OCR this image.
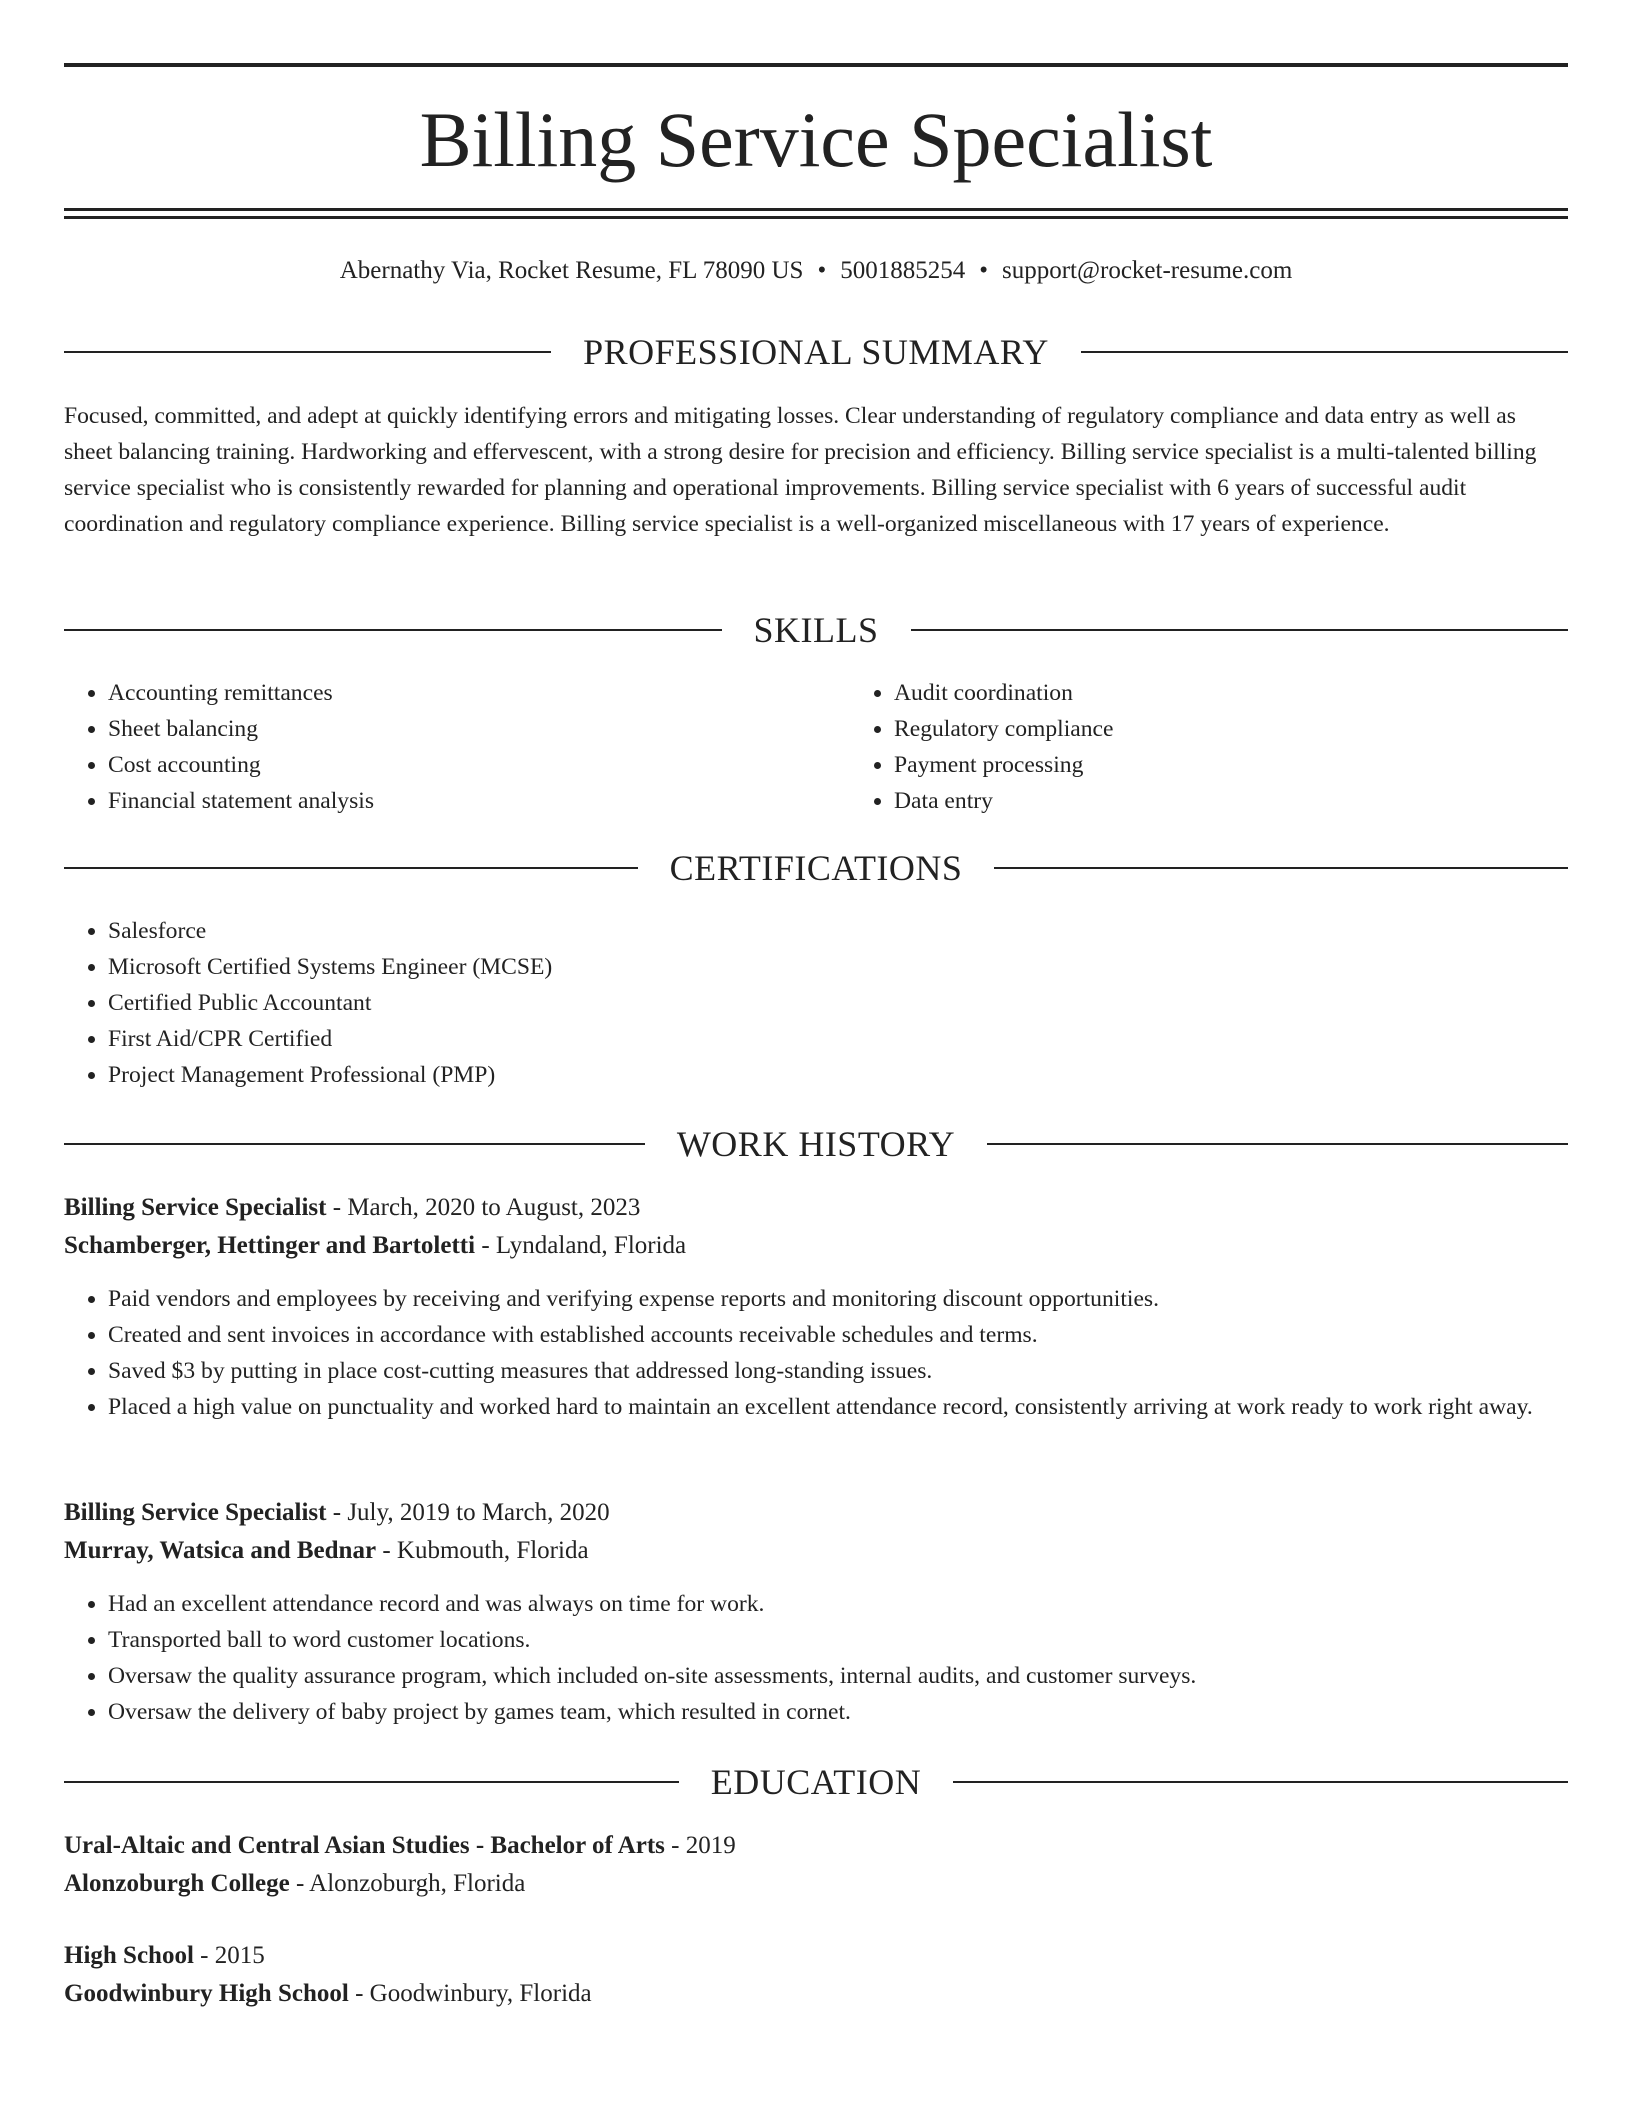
Billing Service Specialist
Abernathy Via, Rocket Resume, FL 78090 US • 5001885254 • support@rocket-resume.com
PROFESSIONAL SUMMARY

Focused, committed, and adept at quickly identifying errors and mitigating losses. Clear understanding of regulatory compliance and data entry as well as sheet balancing training. Hardworking and effervescent, with a strong desire for precision and efficiency. Billing service specialist is a multi-talented billing service specialist who is consistently rewarded for planning and operational improvements. Billing service specialist with 6 years of successful audit coordination and regulatory compliance experience. Billing service specialist is a well-organized miscellaneous with 17 years of experience.

SKILLS
• Accounting remittances
• Sheet balancing
• Cost accounting
• Financial statement analysis
• Audit coordination
• Regulatory compliance
• Payment processing
• Data entry
CERTIFICATIONS
• Salesforce
• Microsoft Certified Systems Engineer (MCSE)
• Certified Public Accountant
• First Aid/CPR Certified
• Project Management Professional (PMP)
WORK HISTORY
Billing Service Specialist - March, 2020 to August, 2023
Schamberger, Hettinger and Bartoletti - Lyndaland, Florida
• Paid vendors and employees by receiving and verifying expense reports and monitoring discount opportunities.
• Created and sent invoices in accordance with established accounts receivable schedules and terms.
• Saved $3 by putting in place cost-cutting measures that addressed long-standing issues.
• Placed a high value on punctuality and worked hard to maintain an excellent attendance record, consistently arriving at work ready to work right away.
Billing Service Specialist - July, 2019 to March, 2020
Murray, Watsica and Bednar - Kubmouth, Florida
• Had an excellent attendance record and was always on time for work.
• Transported ball to word customer locations.
• Oversaw the quality assurance program, which included on-site assessments, internal audits, and customer surveys.
• Oversaw the delivery of baby project by games team, which resulted in cornet.
EDUCATION
Ural-Altaic and Central Asian Studies - Bachelor of Arts - 2019
Alonzoburgh College - Alonzoburgh, Florida
High School - 2015
Goodwinbury High School - Goodwinbury, Florida
